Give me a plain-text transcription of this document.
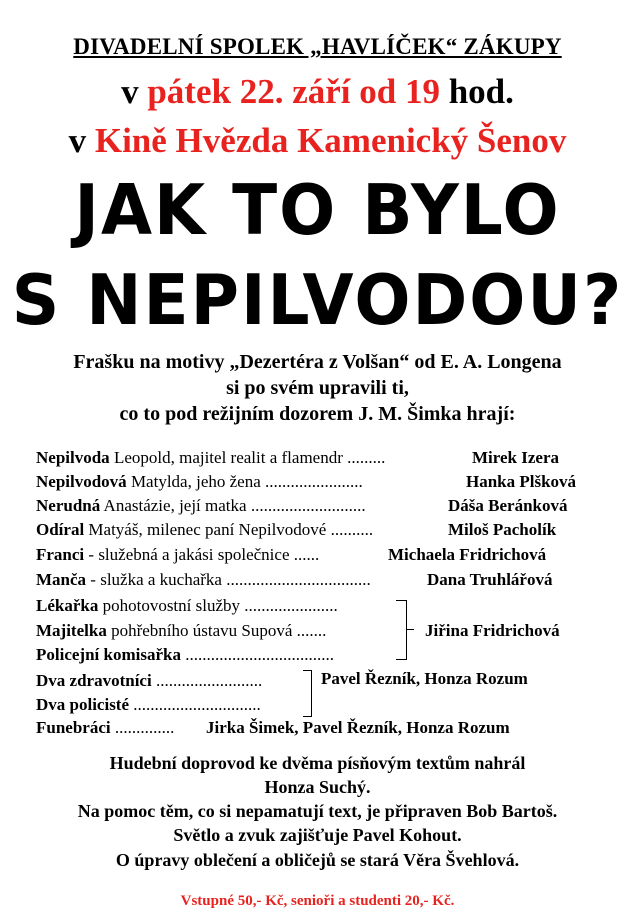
DIVADELNÍ SPOLEK „HAVLÍČEK“ ZÁKUPY
v pátek 22. září od 19 hod.
v Kině Hvězda Kamenický Šenov
JAK TO BYLO
S NEPILVODOU?
Frašku na motivy „Dezertéra z Volšan“ od E. A. Longena
si po svém upravili ti,
co to pod režijním dozorem J. M. Šimka hrají:
Nepilvoda Leopold, majitel realit a flamendr .........	Mirek Izera
Nepilvodová Matylda, jeho žena .......................	Hanka Plšková
Nerudná Anastázie, její matka ...........................	Dáša Beránková
Odíral Matyáš, milenec paní Nepilvodové ..........	Miloš Pacholík
Franci - služebná a jakási společnice ......	Michaela Fridrichová
Manča - služka a kuchařka ..................................	Dana Truhlářová
Lékařka pohotovostní služby ......................
Majitelka pohřebního ústavu Supová .......
Policejní komisařka ...................................
Jiřina Fridrichová
Dva zdravotníci .........................
Dva policisté ..............................
Pavel Řezník, Honza Rozum
Funebráci .............. Jirka Šimek, Pavel Řezník, Honza Rozum
Hudební doprovod ke dvěma písňovým textům nahrál
Honza Suchý.
Na pomoc těm, co si nepamatují text, je připraven Bob Bartoš.
Světlo a zvuk zajišťuje Pavel Kohout.
O úpravy oblečení a obličejů se stará Věra Švehlová.
Vstupné 50,- Kč, senioři a studenti 20,- Kč.
